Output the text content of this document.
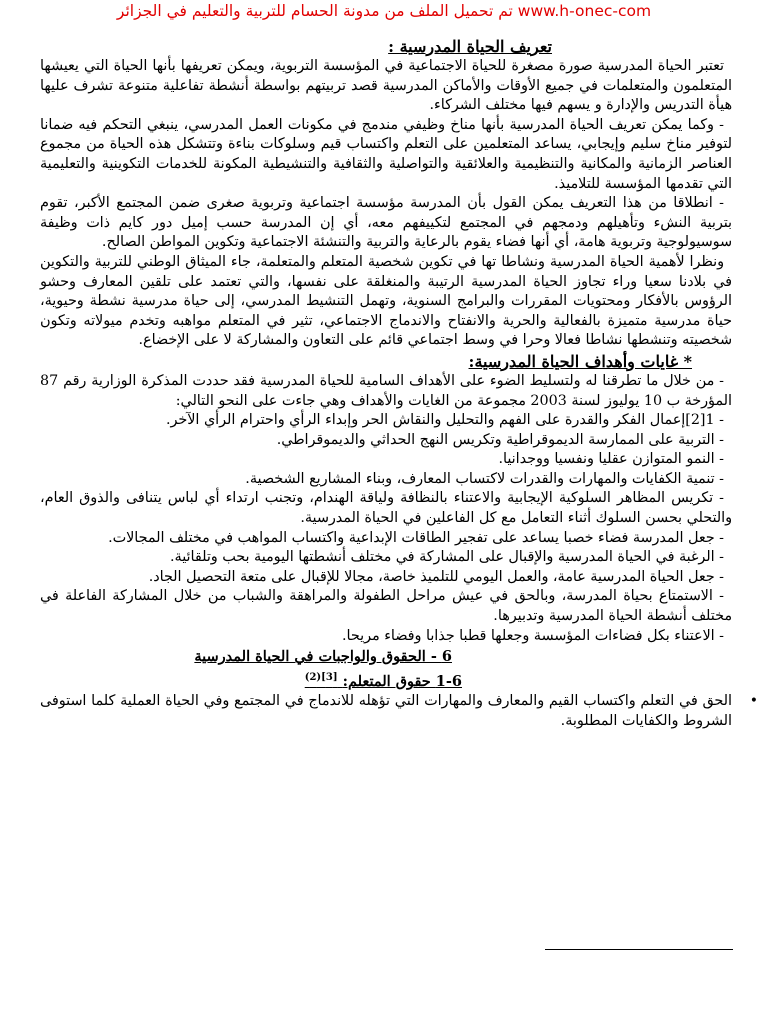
تم تحميل الملف من مدونة الحسام للتربية والتعليم في الجزائر www.h-onec-com

تعريف الحياة المدرسية :

تعتبر الحياة المدرسية صورة مصغرة للحياة الاجتماعية في المؤسسة التربوية، ويمكن تعريفها بأنها الحياة التي يعيشها المتعلمون والمتعلمات في جميع الأوقات والأماكن المدرسية قصد تربيتهم بواسطة أنشطة تفاعلية متنوعة تشرف عليها هيأة التدريس والإدارة و يسهم فيها مختلف الشركاء.

- وكما يمكن تعريف الحياة المدرسية بأنها مناخ وظيفي مندمج في مكونات العمل المدرسي، ينبغي التحكم فيه ضمانا لتوفير مناخ سليم وإيجابي، يساعد المتعلمين على التعلم واكتساب قيم وسلوكات بناءة وتتشكل هذه الحياة من مجموع العناصر الزمانية والمكانية والتنظيمية والعلائقية والتواصلية والثقافية والتنشيطية المكونة للخدمات التكوينية والتعليمية التي تقدمها المؤسسة للتلاميذ.

- انطلاقا من هذا التعريف يمكن القول بأن المدرسة مؤسسة اجتماعية وتربوية صغرى ضمن المجتمع الأكبر، تقوم بتربية النشء وتأهيلهم ودمجهم في المجتمع لتكييفهم معه، أي إن المدرسة حسب إميل دور كايم ذات وظيفة سوسيولوجية وتربوية هامة، أي أنها فضاء يقوم بالرعاية والتربية والتنشئة الاجتماعية وتكوين المواطن الصالح.

ونظرا لأهمية الحياة المدرسية ونشاطا تها في تكوين شخصية المتعلم والمتعلمة، جاء الميثاق الوطني للتربية والتكوين في بلادنا سعيا وراء تجاوز الحياة المدرسية الرتيبة والمنغلقة على نفسها، والتي تعتمد على تلقين المعارف وحشو الرؤوس بالأفكار ومحتويات المقررات والبرامج السنوية، وتهمل التنشيط المدرسي، إلى حياة مدرسية نشطة وحيوية، حياة مدرسية متميزة بالفعالية والحرية والانفتاح والاندماج الاجتماعي، تثير في المتعلم مواهبه وتخدم ميولاته وتكون شخصيته وتنشطها نشاطا فعالا وحرا في وسط اجتماعي قائم على التعاون والمشاركة لا على الإخضاع.

* غايات وأهداف الحياة المدرسية:

- من خلال ما تطرقنا له ولتسليط الضوء على الأهداف السامية للحياة المدرسية فقد حددت المذكرة الوزارية رقم 87 المؤرخة ب 10 يوليوز لسنة 2003 مجموعة من الغايات والأهداف وهي جاءت على النحو التالي:

- 1[2]إعمال الفكر والقدرة على الفهم والتحليل والنقاش الحر وإبداء الرأي واحترام الرأي الآخر.

- التربية على الممارسة الديموقراطية وتكريس النهج الحداثي والديموقراطي.

- النمو المتوازن عقليا ونفسيا ووجدانيا.

- تنمية الكفايات والمهارات والقدرات لاكتساب المعارف، وبناء المشاريع الشخصية.

- تكريس المظاهر السلوكية الإيجابية والاعتناء بالنظافة ولياقة الهندام، وتجنب ارتداء أي لباس يتنافى والذوق العام، والتحلي بحسن السلوك أثناء التعامل مع كل الفاعلين في الحياة المدرسية.

- جعل المدرسة فضاء خصبا يساعد على تفجير الطاقات الإبداعية واكتساب المواهب في مختلف المجالات.

- الرغبة في الحياة المدرسية والإقبال على المشاركة في مختلف أنشطتها اليومية بحب وتلقائية.

- جعل الحياة المدرسية عامة، والعمل اليومي للتلميذ خاصة، مجالا للإقبال على متعة التحصيل الجاد.

- الاستمتاع بحياة المدرسة، وبالحق في عيش مراحل الطفولة والمراهقة والشباب من خلال المشاركة الفاعلة في مختلف أنشطة الحياة المدرسية وتدبيرها.

- الاعتناء بكل فضاءات المؤسسة وجعلها قطبا جذابا وفضاء مريحا.

6 - الحقوق والواجبات في الحياة المدرسية

1-6 حقوق المتعلم: $^{[3](2)}$

•
الحق في التعلم واكتساب القيم والمعارف والمهارات التي تؤهله للاندماج في المجتمع وفي الحياة العملية كلما استوفى الشروط والكفايات المطلوبة.
